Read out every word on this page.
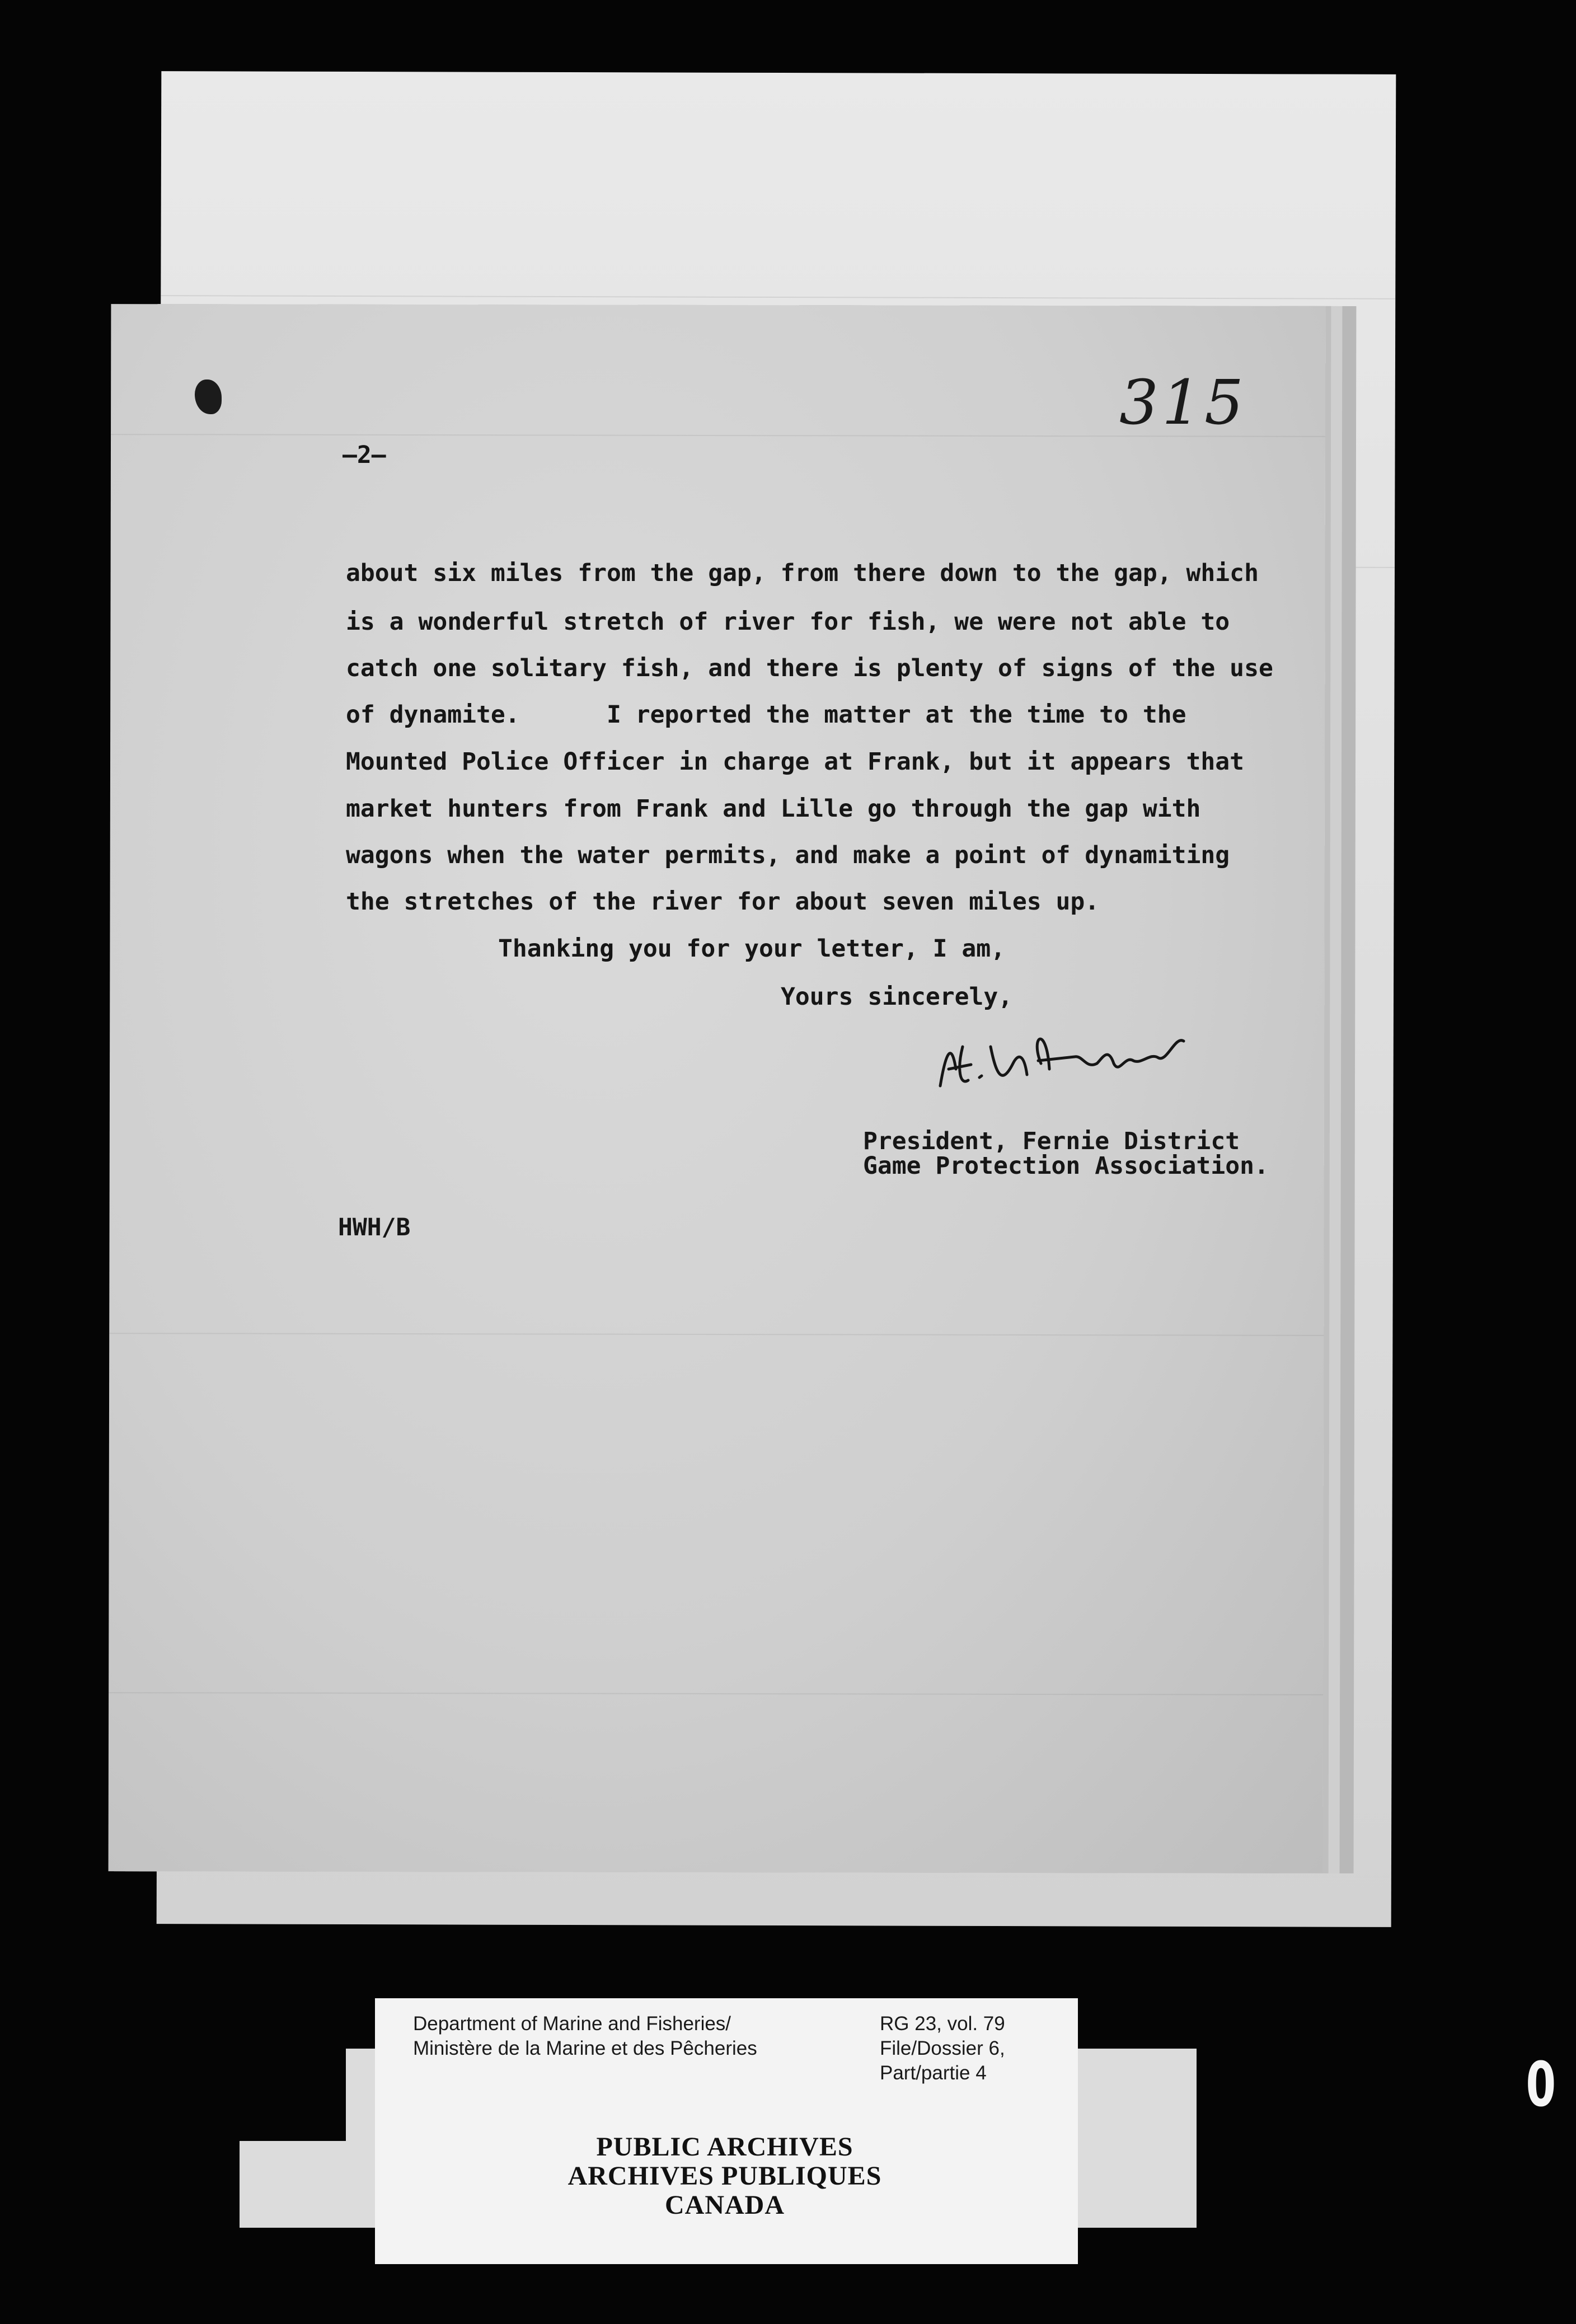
315
—2—
about six miles from the gap, from there down to the gap, which
is a wonderful stretch of river for fish, we were not able to
catch one solitary fish, and there is plenty of signs of the use
of dynamite.      I reported the matter at the time to the
Mounted Police Officer in charge at Frank, but it appears that
market hunters from Frank and Lille go through the gap with
wagons when the water permits, and make a point of dynamiting
the stretches of the river for about seven miles up.
Thanking you for your letter, I am,
Yours sincerely,
President, Fernie District
Game Protection Association.
HWH/B
Department of Marine and Fisheries/
Ministère de la Marine et des Pêcheries
RG 23, vol. 79
File/Dossier 6,
Part/partie 4
PUBLIC ARCHIVES
ARCHIVES PUBLIQUES
CANADA
0
